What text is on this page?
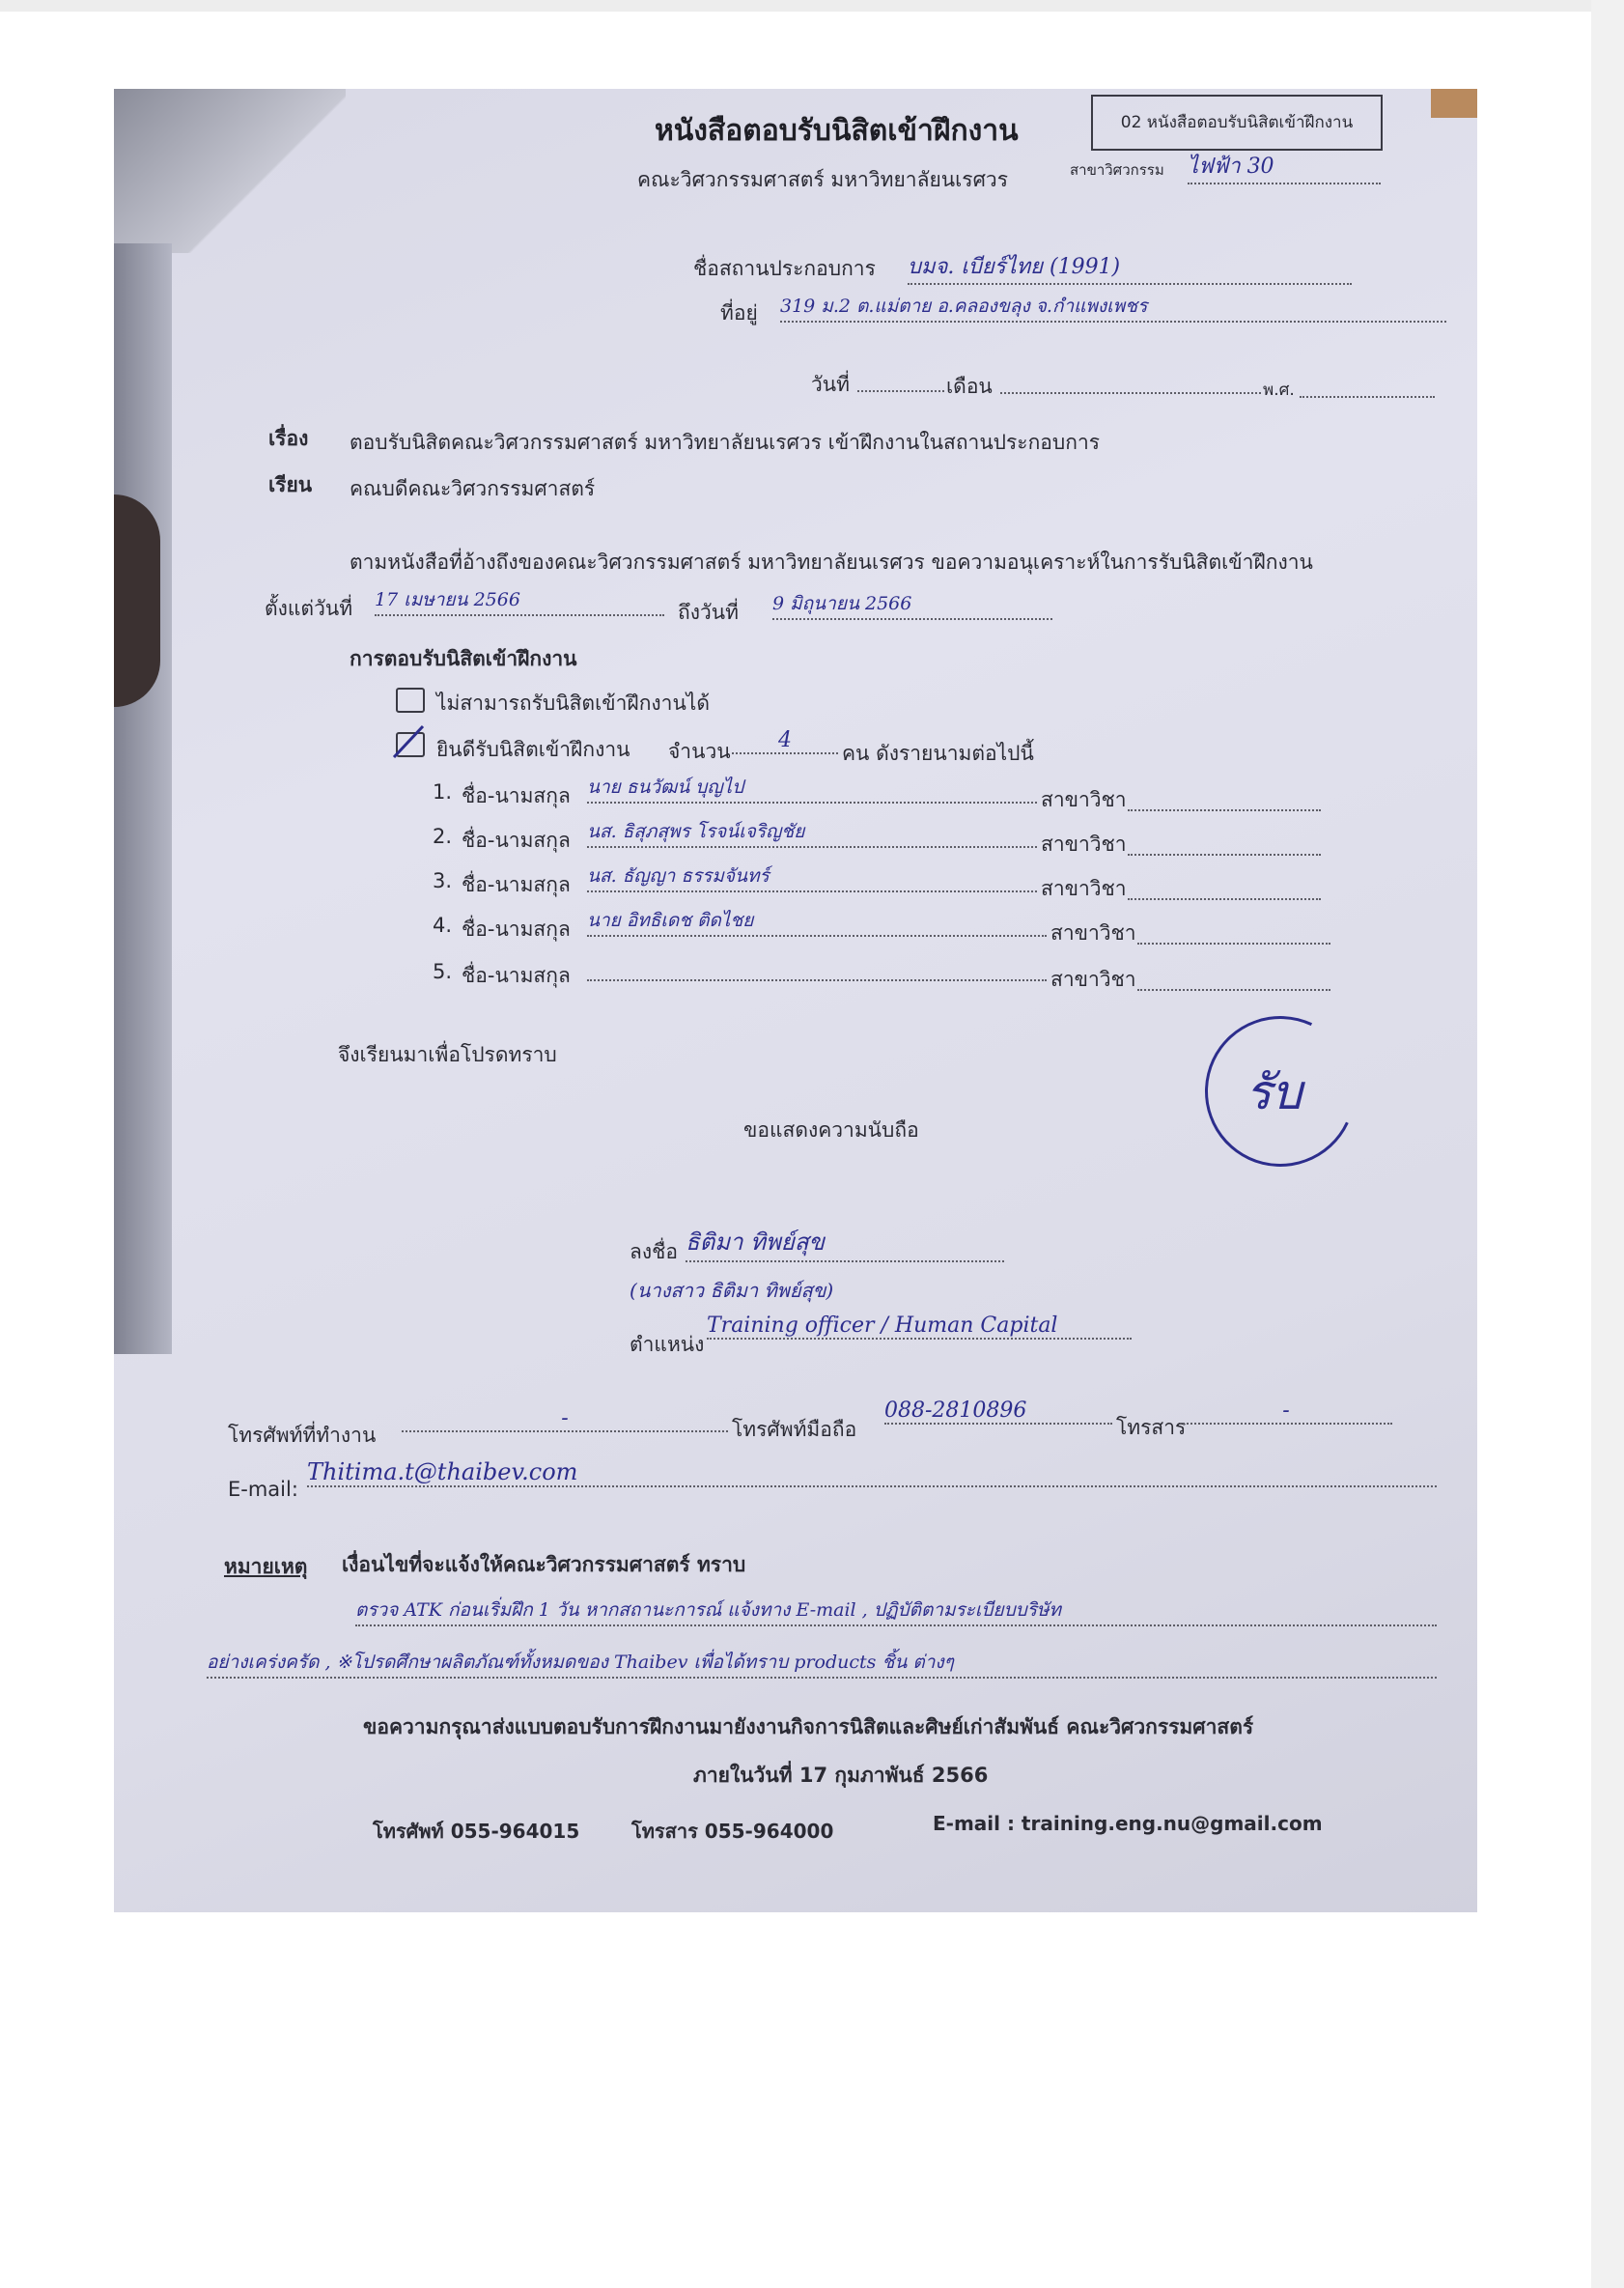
02 หนังสือตอบรับนิสิตเข้าฝึกงาน
หนังสือตอบรับนิสิตเข้าฝึกงาน
คณะวิศวกรรมศาสตร์ มหาวิทยาลัยนเรศวร	สาขาวิศวกรรม ไฟฟ้า 30
ชื่อสถานประกอบการ บมจ. เบียร์ไทย (1991)
ที่อยู่ 319 ม.2 ต.แม่ตาย อ.คลองขลุง จ.กำแพงเพชร
วันที่	เดือน	พ.ศ.
เรื่อง ตอบรับนิสิตคณะวิศวกรรมศาสตร์ มหาวิทยาลัยนเรศวร เข้าฝึกงานในสถานประกอบการ
เรียน คณบดีคณะวิศวกรรมศาสตร์
ตามหนังสือที่อ้างถึงของคณะวิศวกรรมศาสตร์ มหาวิทยาลัยนเรศวร ขอความอนุเคราะห์ในการรับนิสิตเข้าฝึกงาน
ตั้งแต่วันที่ 17 เมษายน 2566
ถึงวันที่ 9 มิถุนายน 2566
การตอบรับนิสิตเข้าฝึกงาน
ไม่สามารถรับนิสิตเข้าฝึกงานได้
ยินดีรับนิสิตเข้าฝึกงาน จำนวน	4
คน ดังรายนามต่อไปนี้
1. ชื่อ-นามสกุล นาย ธนวัฒน์ บุญไป
สาขาวิชา
2. ชื่อ-นามสกุล นส. ธิสุภสุพร โรจน์เจริญชัย
สาขาวิชา
3. ชื่อ-นามสกุล นส. ธัญญา ธรรมจันทร์
สาขาวิชา
4. ชื่อ-นามสกุล นาย อิทธิเดช ติดไชย
สาขาวิชา
5. ชื่อ-นามสกุล	สาขาวิชา
จึงเรียนมาเพื่อโปรดทราบ
รับ
ขอแสดงความนับถือ
ลงชื่อ ธิติมา ทิพย์สุข
(นางสาว ธิติมา ทิพย์สุข)
ตำแหน่ง
Training officer / Human Capital
โทรศัพท์ที่ทำงาน
-	โทรศัพท์มือถือ
088-2810896
โทรสาร
-
E-mail:
Thitima.t@thaibev.com
หมายเหตุ เงื่อนไขที่จะแจ้งให้คณะวิศวกรรมศาสตร์ ทราบ
ตรวจ ATK ก่อนเริ่มฝึก 1 วัน หากสถานะการณ์ แจ้งทาง E-mail , ปฏิบัติตามระเบียบบริษัท
อย่างเคร่งครัด , ※โปรดศึกษาผลิตภัณฑ์ทั้งหมดของ Thaibev เพื่อได้ทราบ products ชิ้น ต่างๆ
ขอความกรุณาส่งแบบตอบรับการฝึกงานมายังงานกิจการนิสิตและศิษย์เก่าสัมพันธ์ คณะวิศวกรรมศาสตร์
ภายในวันที่ 17 กุมภาพันธ์ 2566
โทรศัพท์ 055-964015	โทรสาร 055-964000	E-mail : training.eng.nu@gmail.com
